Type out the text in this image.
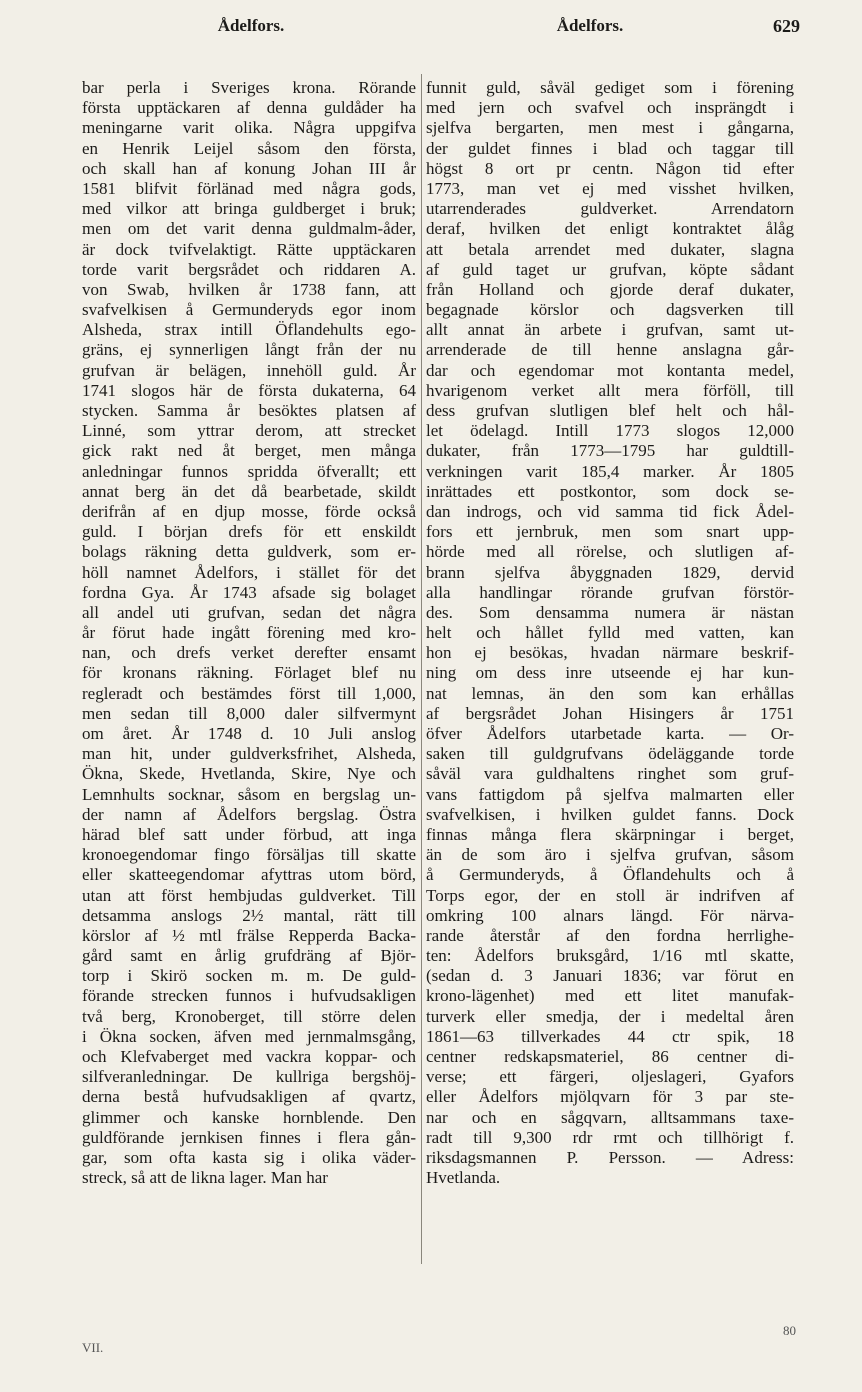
Ådelfors.	Ådelfors.	629
bar perla i Sveriges krona. Rörande
första upptäckaren af denna guldåder ha
meningarne varit olika. Några uppgifva
en Henrik Leijel såsom den första,
och skall han af konung Johan III år
1581 blifvit förlänad med några gods,
med vilkor att bringa guldberget i bruk;
men om det varit denna guldmalm-åder,
är dock tvifvelaktigt. Rätte upptäckaren
torde varit bergsrådet och riddaren A.
von Swab, hvilken år 1738 fann, att
svafvelkisen å Germunderyds egor inom
Alsheda, strax intill Öflandehults ego-
gräns, ej synnerligen långt från der nu
grufvan är belägen, innehöll guld. År
1741 slogos här de första dukaterna, 64
stycken. Samma år besöktes platsen af
Linné, som yttrar derom, att strecket
gick rakt ned åt berget, men många
anledningar funnos spridda öfverallt; ett
annat berg än det då bearbetade, skildt
derifrån af en djup mosse, förde också
guld. I början drefs för ett enskildt
bolags räkning detta guldverk, som er-
höll namnet Ådelfors, i stället för det
fordna Gya. År 1743 afsade sig bolaget
all andel uti grufvan, sedan det några
år förut hade ingått förening med kro-
nan, och drefs verket derefter ensamt
för kronans räkning. Förlaget blef nu
regleradt och bestämdes först till 1,000,
men sedan till 8,000 daler silfvermynt
om året. År 1748 d. 10 Juli anslog
man hit, under guldverksfrihet, Alsheda,
Ökna, Skede, Hvetlanda, Skire, Nye och
Lemnhults socknar, såsom en bergslag un-
der namn af Ådelfors bergslag. Östra
härad blef satt under förbud, att inga
kronoegendomar fingo försäljas till skatte
eller skatteegendomar afyttras utom börd,
utan att först hembjudas guldverket. Till
detsamma anslogs 2½ mantal, rätt till
körslor af ½ mtl frälse Repperda Backa-
gård samt en årlig grufdräng af Björ-
torp i Skirö socken m. m. De guld-
förande strecken funnos i hufvudsakligen
två berg, Kronoberget, till större delen
i Ökna socken, äfven med jernmalmsgång,
och Klefvaberget med vackra koppar- och
silfveranledningar. De kullriga bergshöj-
derna bestå hufvudsakligen af qvartz,
glimmer och kanske hornblende. Den
guldförande jernkisen finnes i flera gån-
gar, som ofta kasta sig i olika väder-
streck, så att de likna lager. Man har
funnit guld, såväl gediget som i förening
med jern och svafvel och insprängdt i
sjelfva bergarten, men mest i gångarna,
der guldet finnes i blad och taggar till
högst 8 ort pr centn. Någon tid efter
1773, man vet ej med visshet hvilken,
utarrenderades guldverket. Arrendatorn
deraf, hvilken det enligt kontraktet ålåg
att betala arrendet med dukater, slagna
af guld taget ur grufvan, köpte sådant
från Holland och gjorde deraf dukater,
begagnade körslor och dagsverken till
allt annat än arbete i grufvan, samt ut-
arrenderade de till henne anslagna går-
dar och egendomar mot kontanta medel,
hvarigenom verket allt mera förföll, till
dess grufvan slutligen blef helt och hål-
let ödelagd. Intill 1773 slogos 12,000
dukater, från 1773—1795 har guldtill-
verkningen varit 185,4 marker. År 1805
inrättades ett postkontor, som dock se-
dan indrogs, och vid samma tid fick Ådel-
fors ett jernbruk, men som snart upp-
hörde med all rörelse, och slutligen af-
brann sjelfva åbyggnaden 1829, dervid
alla handlingar rörande grufvan förstör-
des. Som densamma numera är nästan
helt och hållet fylld med vatten, kan
hon ej besökas, hvadan närmare beskrif-
ning om dess inre utseende ej har kun-
nat lemnas, än den som kan erhållas
af bergsrådet Johan Hisingers år 1751
öfver Ådelfors utarbetade karta. — Or-
saken till guldgrufvans ödeläggande torde
såväl vara guldhaltens ringhet som gruf-
vans fattigdom på sjelfva malmarten eller
svafvelkisen, i hvilken guldet fanns. Dock
finnas många flera skärpningar i berget,
än de som äro i sjelfva grufvan, såsom
å Germunderyds, å Öflandehults och å
Torps egor, der en stoll är indrifven af
omkring 100 alnars längd. För närva-
rande återstår af den fordna herrlighe-
ten: Ådelfors bruksgård, 1/16 mtl skatte,
(sedan d. 3 Januari 1836; var förut en
krono-lägenhet) med ett litet manufak-
turverk eller smedja, der i medeltal åren
1861—63 tillverkades 44 ctr spik, 18
centner redskapsmateriel, 86 centner di-
verse; ett färgeri, oljeslageri, Gyafors
eller Ådelfors mjölqvarn för 3 par ste-
nar och en sågqvarn, alltsammans taxe-
radt till 9,300 rdr rmt och tillhörigt f.
riksdagsmannen P. Persson. — Adress:
Hvetlanda.
VII.
80
